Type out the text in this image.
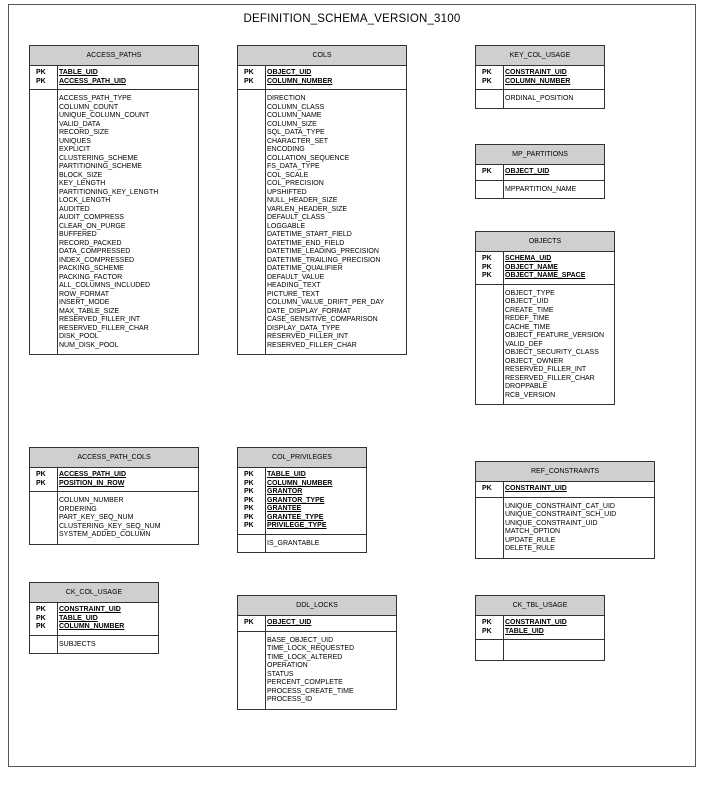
DEFINITION_SCHEMA_VERSION_3100
ACCESS_PATHS
PK	TABLE_UID
PK	ACCESS_PATH_UID
ACCESS_PATH_TYPE
COLUMN_COUNT
UNIQUE_COLUMN_COUNT
VALID_DATA
RECORD_SIZE
UNIQUES
EXPLICIT
CLUSTERING_SCHEME
PARTITIONING_SCHEME
BLOCK_SIZE
KEY_LENGTH
PARTITIONING_KEY_LENGTH
LOCK_LENGTH
AUDITED
AUDIT_COMPRESS
CLEAR_ON_PURGE
BUFFERED
RECORD_PACKED
DATA_COMPRESSED
INDEX_COMPRESSED
PACKING_SCHEME
PACKING_FACTOR
ALL_COLUMNS_INCLUDED
ROW_FORMAT
INSERT_MODE
MAX_TABLE_SIZE
RESERVED_FILLER_INT
RESERVED_FILLER_CHAR
DISK_POOL
NUM_DISK_POOL
COLS
PK	OBJECT_UID
PK	COLUMN_NUMBER
DIRECTION
COLUMN_CLASS
COLUMN_NAME
COLUMN_SIZE
SQL_DATA_TYPE
CHARACTER_SET
ENCODING
COLLATION_SEQUENCE
FS_DATA_TYPE
COL_SCALE
COL_PRECISION
UPSHIFTED
NULL_HEADER_SIZE
VARLEN_HEADER_SIZE
DEFAULT_CLASS
LOGGABLE
DATETIME_START_FIELD
DATETIME_END_FIELD
DATETIME_LEADING_PRECISION
DATETIME_TRAILING_PRECISION
DATETIME_QUALIFIER
DEFAULT_VALUE
HEADING_TEXT
PICTURE_TEXT
COLUMN_VALUE_DRIFT_PER_DAY
DATE_DISPLAY_FORMAT
CASE_SENSITIVE_COMPARISON
DISPLAY_DATA_TYPE
RESERVED_FILLER_INT
RESERVED_FILLER_CHAR
KEY_COL_USAGE
PK	CONSTRAINT_UID
PK	COLUMN_NUMBER
ORDINAL_POSITION
MP_PARTITIONS
PK	OBJECT_UID
MPPARTITION_NAME
OBJECTS
PK	SCHEMA_UID
PK	OBJECT_NAME
PK	OBJECT_NAME_SPACE
OBJECT_TYPE
OBJECT_UID
CREATE_TIME
REDEF_TIME
CACHE_TIME
OBJECT_FEATURE_VERSION
VALID_DEF
OBJECT_SECURITY_CLASS
OBJECT_OWNER
RESERVED_FILLER_INT
RESERVED_FILLER_CHAR
DROPPABLE
RCB_VERSION
ACCESS_PATH_COLS
PK	ACCESS_PATH_UID
PK	POSITION_IN_ROW
COLUMN_NUMBER
ORDERING
PART_KEY_SEQ_NUM
CLUSTERING_KEY_SEQ_NUM
SYSTEM_ADDED_COLUMN
COL_PRIVILEGES
PK	TABLE_UID
PK	COLUMN_NUMBER
PK	GRANTOR
PK	GRANTOR_TYPE
PK	GRANTEE
PK	GRANTEE_TYPE
PK	PRIVILEGE_TYPE
IS_GRANTABLE
REF_CONSTRAINTS
PK	CONSTRAINT_UID
UNIQUE_CONSTRAINT_CAT_UID
UNIQUE_CONSTRAINT_SCH_UID
UNIQUE_CONSTRAINT_UID
MATCH_OPTION
UPDATE_RULE
DELETE_RULE
CK_COL_USAGE
PK	CONSTRAINT_UID
PK	TABLE_UID
PK	COLUMN_NUMBER
SUBJECTS
DDL_LOCKS
PK	OBJECT_UID
BASE_OBJECT_UID
TIME_LOCK_REQUESTED
TIME_LOCK_ALTERED
OPERATION
STATUS
PERCENT_COMPLETE
PROCESS_CREATE_TIME
PROCESS_ID
CK_TBL_USAGE
PK	CONSTRAINT_UID
PK	TABLE_UID
